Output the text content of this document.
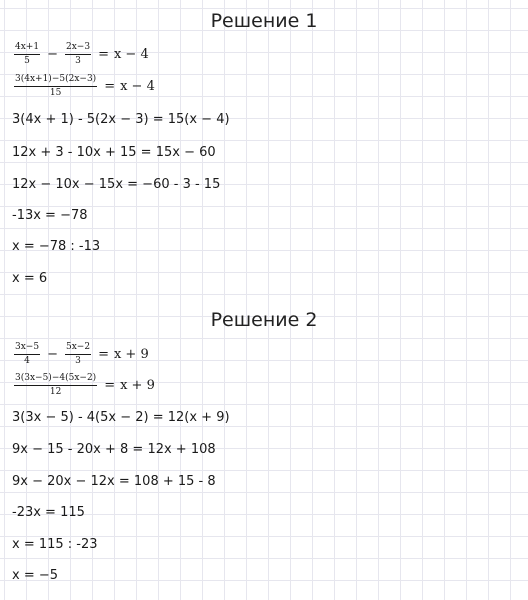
Решение 1
$\frac{4x+1}{5} - \frac{2x-3}{3} = x - 4$
$\frac{3(4x+1)-5(2x-3)}{15} = x - 4$
3(4x + 1) - 5(2x − 3) = 15(x − 4)
12x + 3 - 10x + 15 = 15x − 60
12x − 10x − 15x = −60 - 3 - 15
-13x = −78
x = −78 : -13
x = 6
Решение 2
$\frac{3x-5}{4} - \frac{5x-2}{3} = x + 9$
$\frac{3(3x-5)-4(5x-2)}{12} = x + 9$
3(3x − 5) - 4(5x − 2) = 12(x + 9)
9x − 15 - 20x + 8 = 12x + 108
9x − 20x − 12x = 108 + 15 - 8
-23x = 115
x = 115 : -23
x = −5
